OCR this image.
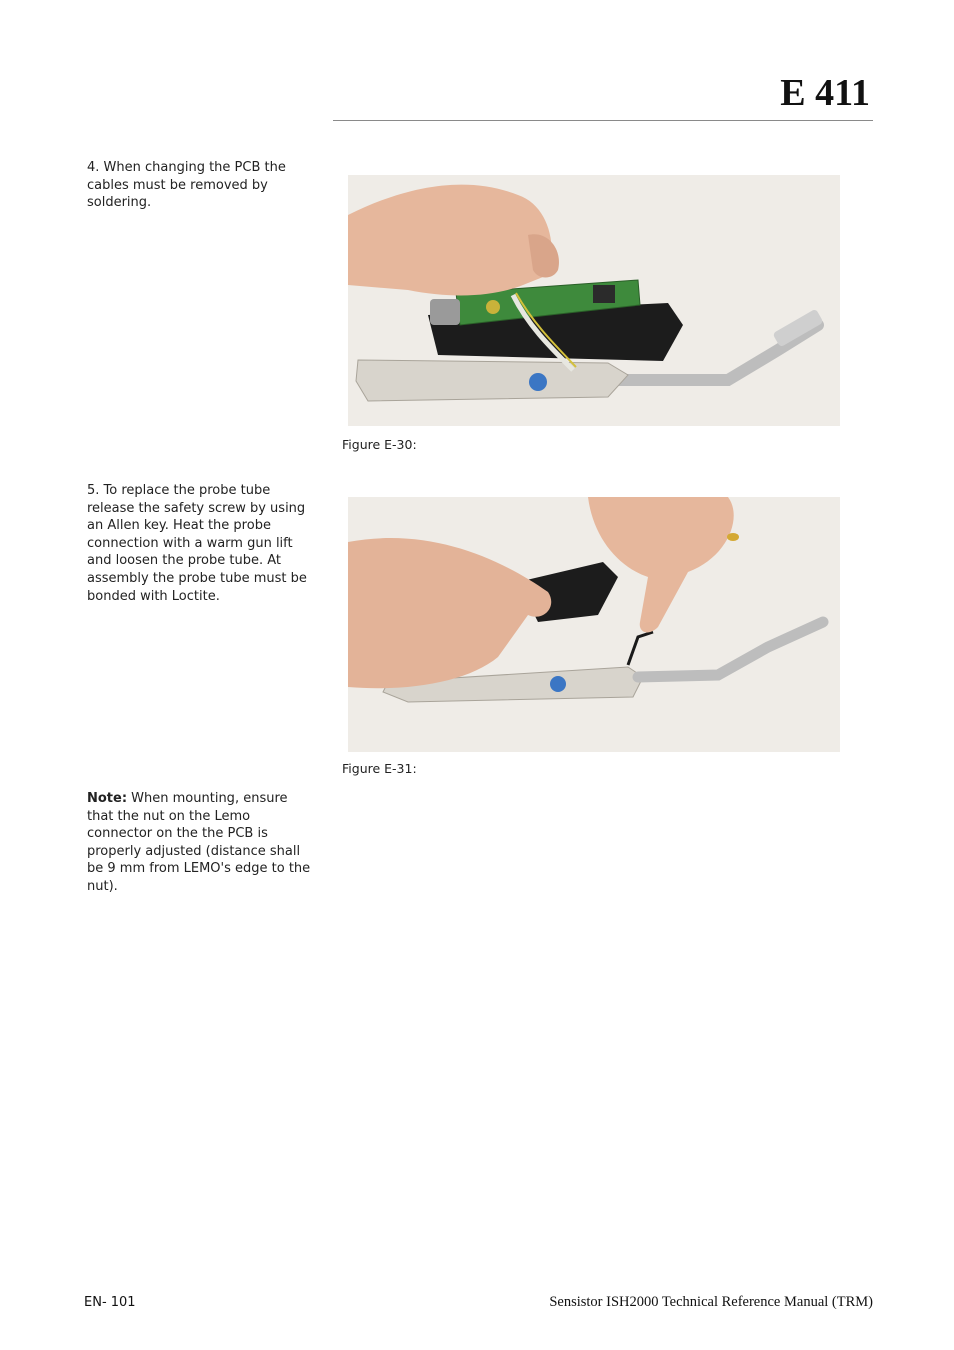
E 411
4. When changing the PCB the cables must be removed by soldering.
Figure E-30:
5. To replace the probe tube release the safety screw by using an Allen key. Heat the probe connection with a warm gun lift and loosen the probe tube. At assembly the probe tube must be bonded with Loctite.
Figure E-31:
Note: When mounting, ensure that the nut on the Lemo connector on the the PCB is properly adjusted (distance shall be 9 mm from LEMO's edge to the nut).
EN- 101	Sensistor ISH2000 Technical Reference Manual (TRM)
